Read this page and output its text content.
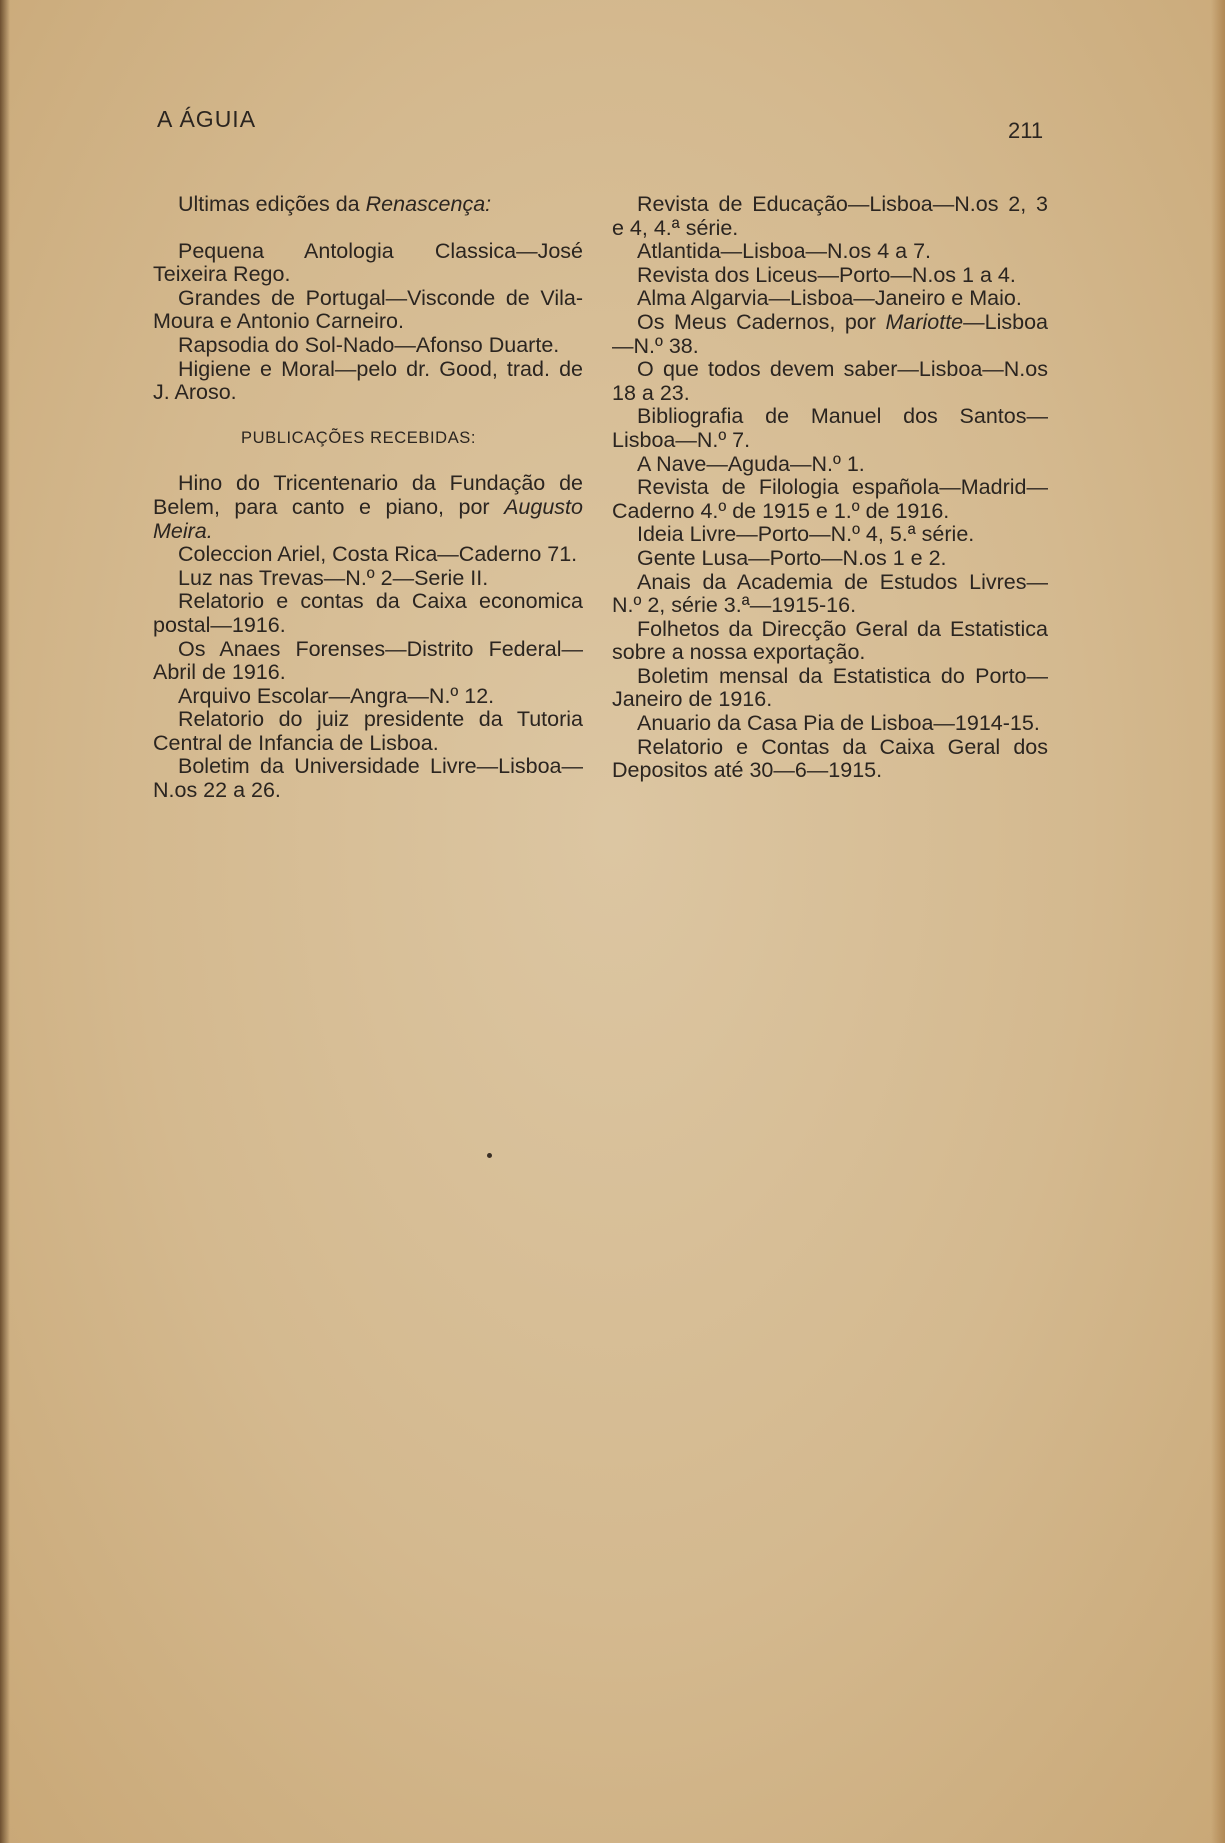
A ÁGUIA	211
Ultimas edições da Renascença:
Pequena Antologia Classica—José Teixeira Rego.
Grandes de Portugal—Visconde de Vila-Moura e Antonio Carneiro.
Rapsodia do Sol-Nado—Afonso Duarte.
Higiene e Moral—pelo dr. Good, trad. de J. Aroso.
PUBLICAÇÕES RECEBIDAS:
Hino do Tricentenario da Fundação de Belem, para canto e piano, por Augusto Meira.
Coleccion Ariel, Costa Rica—Caderno 71.
Luz nas Trevas—N.º 2—Serie II.
Relatorio e contas da Caixa economica postal—1916.
Os Anaes Forenses—Distrito Federal—Abril de 1916.
Arquivo Escolar—Angra—N.º 12.
Relatorio do juiz presidente da Tutoria Central de Infancia de Lisboa.
Boletim da Universidade Livre—Lisboa—N.os 22 a 26.
Revista de Educação—Lisboa—N.os 2, 3 e 4, 4.ª série.
Atlantida—Lisboa—N.os 4 a 7.
Revista dos Liceus—Porto—N.os 1 a 4.
Alma Algarvia—Lisboa—Janeiro e Maio.
Os Meus Cadernos, por Mariotte—Lisboa—N.º 38.
O que todos devem saber—Lisboa—N.os 18 a 23.
Bibliografia de Manuel dos Santos—Lisboa—N.º 7.
A Nave—Aguda—N.º 1.
Revista de Filologia española—Madrid—Caderno 4.º de 1915 e 1.º de 1916.
Ideia Livre—Porto—N.º 4, 5.ª série.
Gente Lusa—Porto—N.os 1 e 2.
Anais da Academia de Estudos Livres—N.º 2, série 3.ª—1915-16.
Folhetos da Direcção Geral da Estatistica sobre a nossa exportação.
Boletim mensal da Estatistica do Porto—Janeiro de 1916.
Anuario da Casa Pia de Lisboa—1914-15.
Relatorio e Contas da Caixa Geral dos Depositos até 30—6—1915.
